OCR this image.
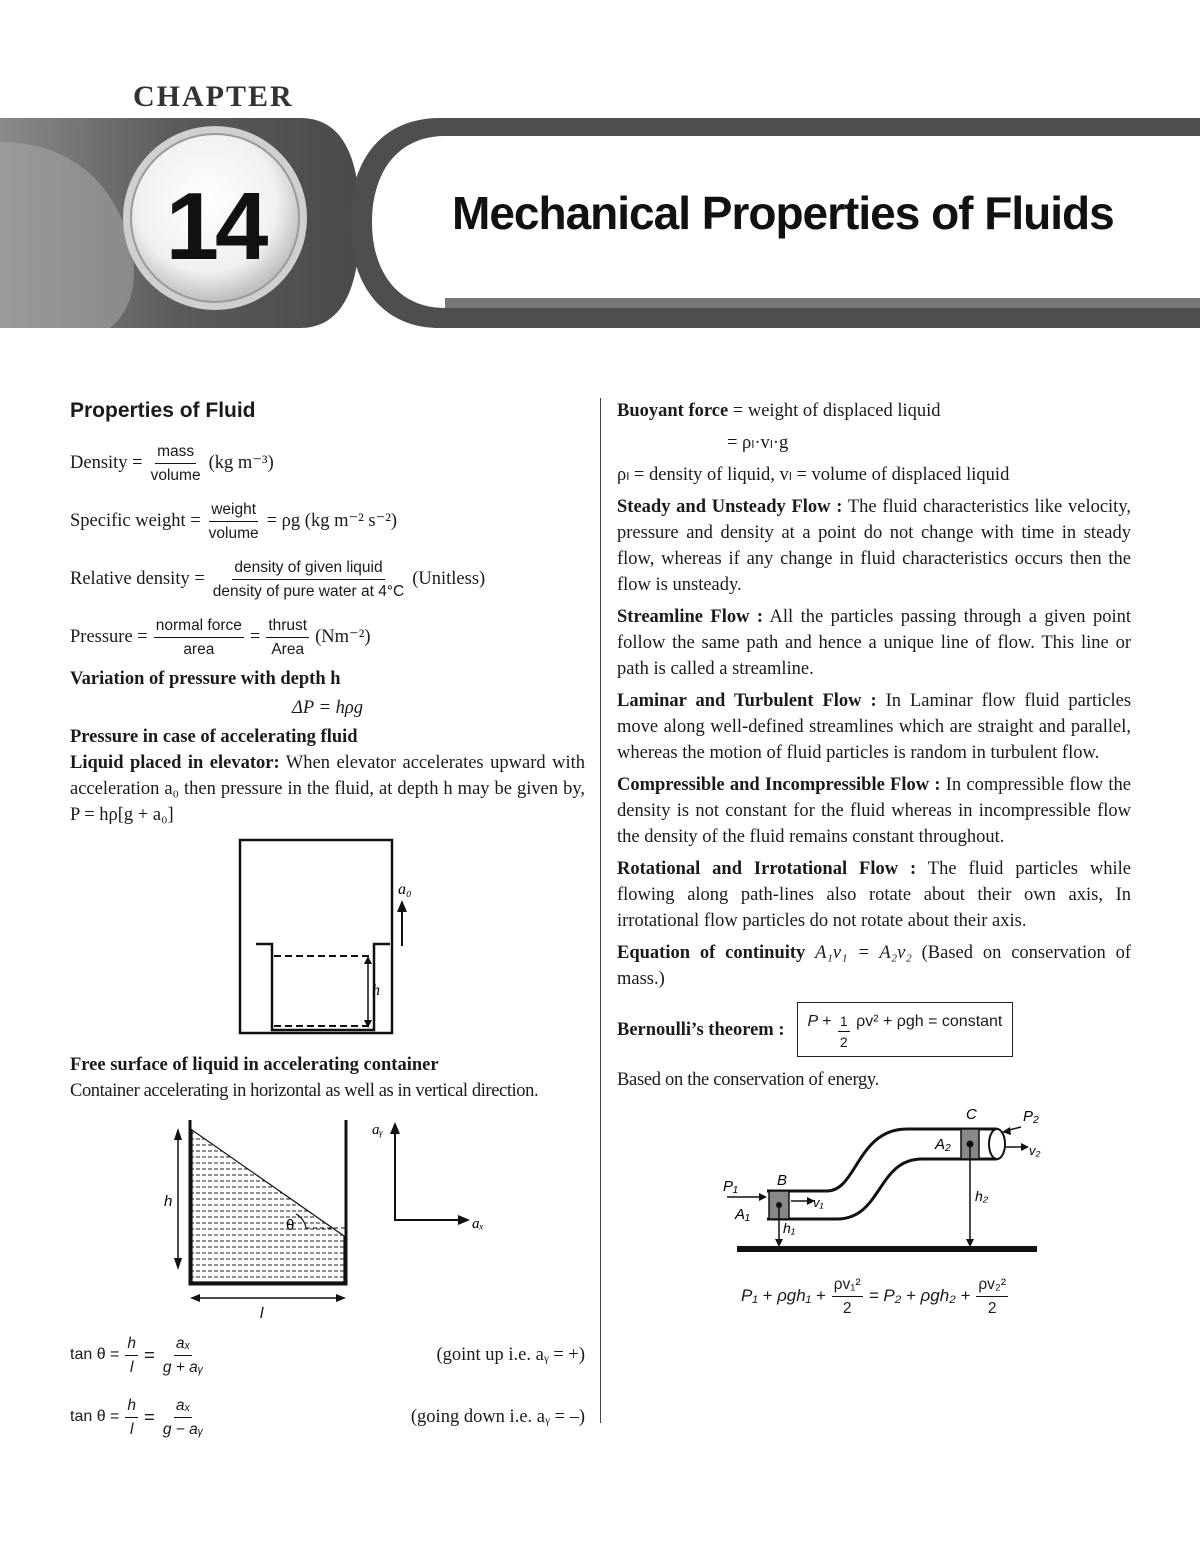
CHAPTER
14	Mechanical Properties of Fluids
Properties of Fluid
Density = $\frac{\text{mass}}{\text{volume}} (kg$ m⁻³)
Specific weight = $\frac{\text{weight}}{\text{volume}} = \rho g$
(kg m⁻² s⁻²)
Relative density = $\frac{\text{density of given liquid}}{\text{density of pure water at 4°C}}$ (Unitless)
Pressure = $\frac{\text{normal force}}{\text{area}} = \frac{\text{thrust}}{\text{Area}} (Nm^{-2})$

Variation of pressure with depth h

ΔP = hρg

Pressure in case of accelerating fluid

Liquid placed in elevator: When elevator accelerates upward with acceleration a₀ then pressure in the fluid, at depth h may be given by, P = hρ[g + a₀]

a₀
h

Free surface of liquid in accelerating container

Container accelerating in horizontal as well as in vertical direction.

h
l
θ
aᵧ
aₓ
$\tan \theta = \frac{h}{l} = \frac{\text{aₓ}}{\text{g + aᵧ}}$	(goint up i.e. aᵧ = +)
$\tan \theta = \frac{h}{l} = \frac{\text{aₓ}}{\text{g − aᵧ}}$	(going down i.e. aᵧ = –)

Buoyant force = weight of displaced liquid

= ρₗ·vₗ·g

ρₗ = density of liquid, vₗ = volume of displaced liquid

Steady and Unsteady Flow : The fluid characteristics like velocity, pressure and density at a point do not change with time in steady flow, whereas if any change in fluid characteristics occurs then the flow is unsteady.

Streamline Flow : All the particles passing through a given point follow the same path and hence a unique line of flow. This line or path is called a streamline.

Laminar and Turbulent Flow : In Laminar flow fluid particles move along well-defined streamlines which are straight and parallel, whereas the motion of fluid particles is random in turbulent flow.

Compressible and Incompressible Flow : In compressible flow the density is not constant for the fluid whereas in incompressible flow the density of the fluid remains constant throughout.

Rotational and Irrotational Flow : The fluid particles while flowing along path-lines also rotate about their own axis, In irrotational flow particles do not rotate about their axis.

Equation of continuity A₁v₁ = A₂v₂ (Based on conservation of mass.)

Bernoulli’s theorem :	$P + \frac{1}{2} \rho v^2 + \rho gh$ = constant

Based on the conservation of energy.

C
B
P₁
P₂
A₁
A₂
v₁
v₂
h₁
h₂
$P_1 + \rho gh_1 + \frac{\text{ρv₁²}}{2} = P_2 + \rho gh_2 + \frac{\text{ρv₂²}}{2}$
